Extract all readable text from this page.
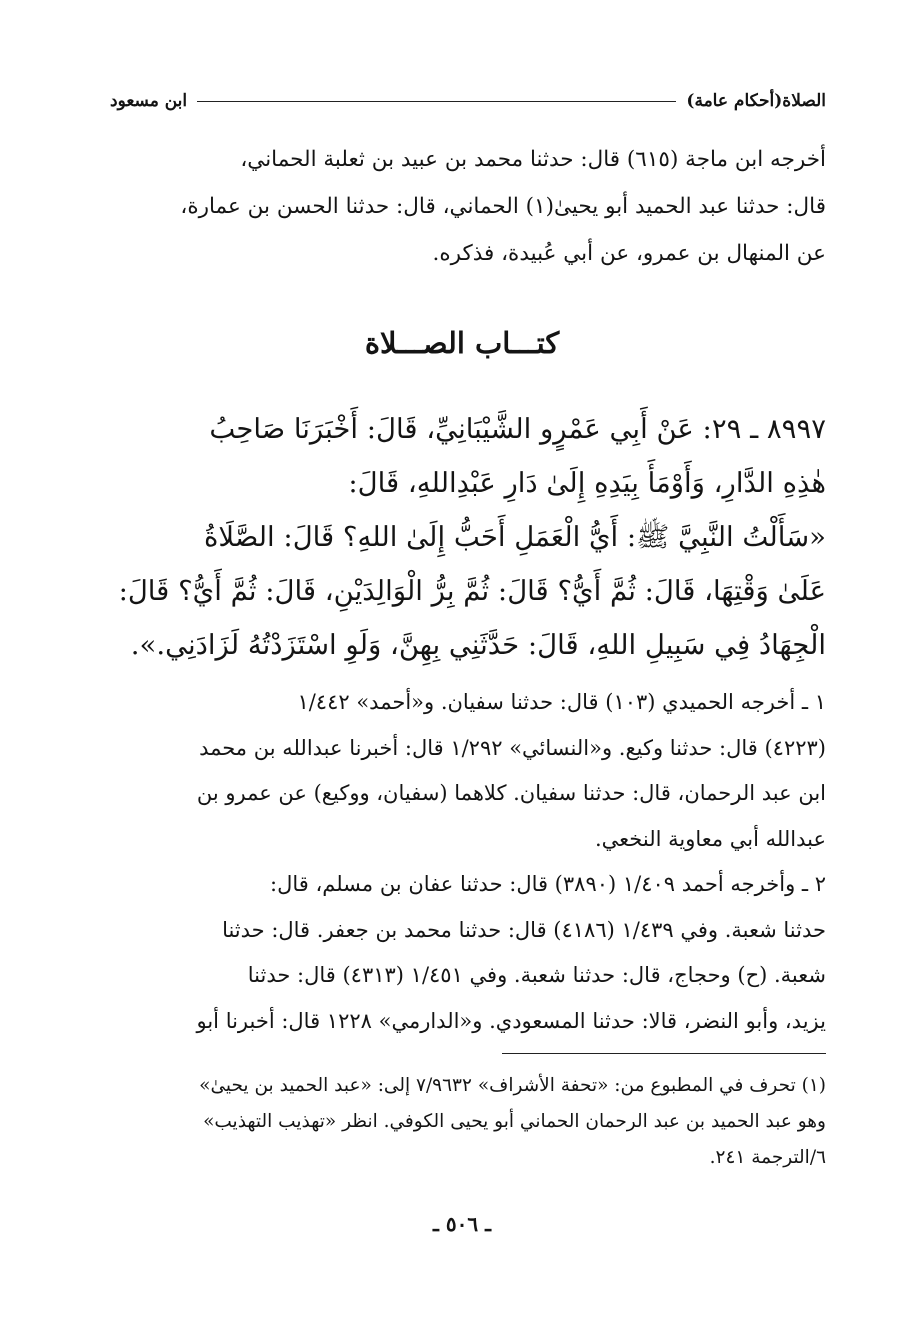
الصلاة(أحكام عامة)
ابن مسعود
أخرجه ابن ماجة (٦١٥) قال: حدثنا محمد بن عبيد بن ثعلبة الحماني،
قال: حدثنا عبد الحميد أبو يحيىٰ(١) الحماني، قال: حدثنا الحسن بن عمارة،
عن المنهال بن عمرو، عن أبي عُبيدة، فذكره.
كتـــاب الصـــلاة
٨٩٩٧ ـ ٢٩: عَنْ أَبِي عَمْرٍو الشَّيْبَانِيِّ، قَالَ: أَخْبَرَنَا صَاحِبُ
هٰذِهِ الدَّارِ، وَأَوْمَأَ بِيَدِهِ إِلَىٰ دَارِ عَبْدِاللهِ، قَالَ:
«سَأَلْتُ النَّبِيَّ ﷺ: أَيُّ الْعَمَلِ أَحَبُّ إِلَىٰ اللهِ؟ قَالَ: الصَّلَاةُ
عَلَىٰ وَقْتِهَا، قَالَ: ثُمَّ أَيُّ؟ قَالَ: ثُمَّ بِرُّ الْوَالِدَيْنِ، قَالَ: ثُمَّ أَيُّ؟ قَالَ:
الْجِهَادُ فِي سَبِيلِ اللهِ، قَالَ: حَدَّثَنِي بِهِنَّ، وَلَوِ اسْتَزَدْتُهُ لَزَادَنِي.».
١ ـ أخرجه الحميدي (١٠٣) قال: حدثنا سفيان. و«أحمد» ١/٤٤٢
(٤٢٢٣) قال: حدثنا وكيع. و«النسائي» ١/٢٩٢ قال: أخبرنا عبدالله بن محمد
ابن عبد الرحمان، قال: حدثنا سفيان. كلاهما (سفيان، ووكيع) عن عمرو بن
عبدالله أبي معاوية النخعي.
٢ ـ وأخرجه أحمد ١/٤٠٩ (٣٨٩٠) قال: حدثنا عفان بن مسلم، قال:
حدثنا شعبة. وفي ١/٤٣٩ (٤١٨٦) قال: حدثنا محمد بن جعفر. قال: حدثنا
شعبة. (ح) وحجاج، قال: حدثنا شعبة. وفي ١/٤٥١ (٤٣١٣) قال: حدثنا
يزيد، وأبو النضر، قالا: حدثنا المسعودي. و«الدارمي» ١٢٢٨ قال: أخبرنا أبو
(١) تحرف في المطبوع من: «تحفة الأشراف» ٧/٩٦٣٢ إلى: «عبد الحميد بن يحيىٰ»
وهو عبد الحميد بن عبد الرحمان الحماني أبو يحيى الكوفي. انظر «تهذيب التهذيب»
٦/الترجمة ٢٤١.
ـ ٥٠٦ ـ
